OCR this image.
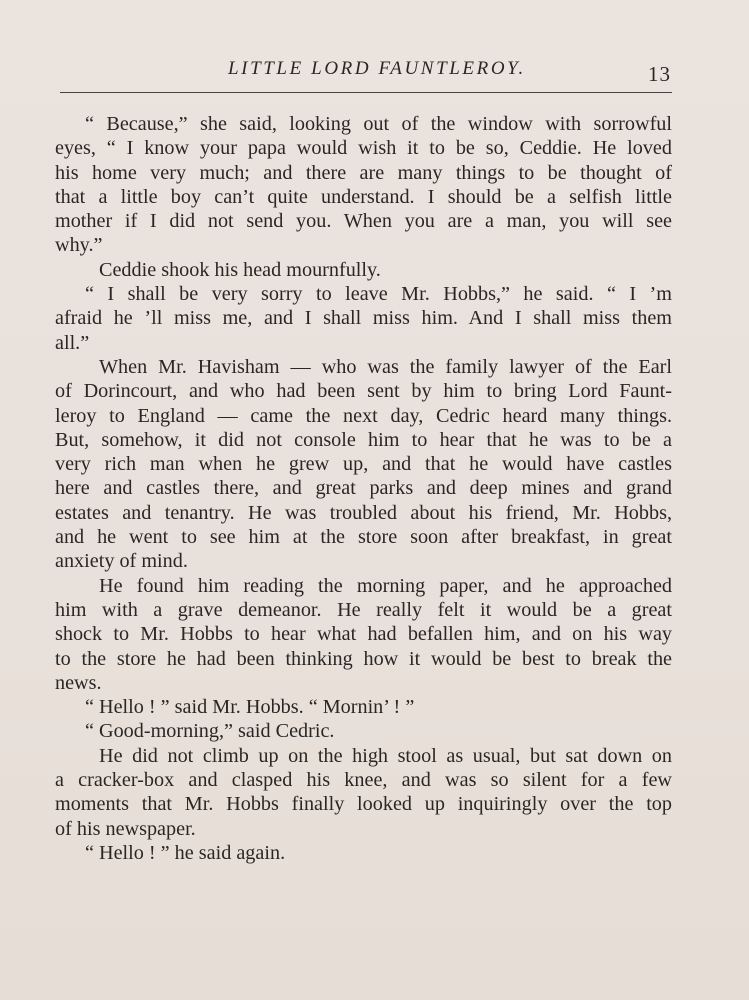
LITTLE LORD FAUNTLEROY.	13
“ Because,” she said, looking out of the window with sorrowful
eyes, “ I know your papa would wish it to be so, Ceddie. He loved
his home very much; and there are many things to be thought of
that a little boy can’t quite understand. I should be a selfish little
mother if I did not send you. When you are a man, you will see
why.”
Ceddie shook his head mournfully.
“ I shall be very sorry to leave Mr. Hobbs,” he said. “ I ’m
afraid he ’ll miss me, and I shall miss him. And I shall miss them
all.”
When Mr. Havisham — who was the family lawyer of the Earl
of Dorincourt, and who had been sent by him to bring Lord Faunt-
leroy to England — came the next day, Cedric heard many things.
But, somehow, it did not console him to hear that he was to be a
very rich man when he grew up, and that he would have castles
here and castles there, and great parks and deep mines and grand
estates and tenantry. He was troubled about his friend, Mr. Hobbs,
and he went to see him at the store soon after breakfast, in great
anxiety of mind.
He found him reading the morning paper, and he approached
him with a grave demeanor. He really felt it would be a great
shock to Mr. Hobbs to hear what had befallen him, and on his way
to the store he had been thinking how it would be best to break the
news.
“ Hello ! ” said Mr. Hobbs. “ Mornin’ ! ”
“ Good-morning,” said Cedric.
He did not climb up on the high stool as usual, but sat down on
a cracker-box and clasped his knee, and was so silent for a few
moments that Mr. Hobbs finally looked up inquiringly over the top
of his newspaper.
“ Hello ! ” he said again.
